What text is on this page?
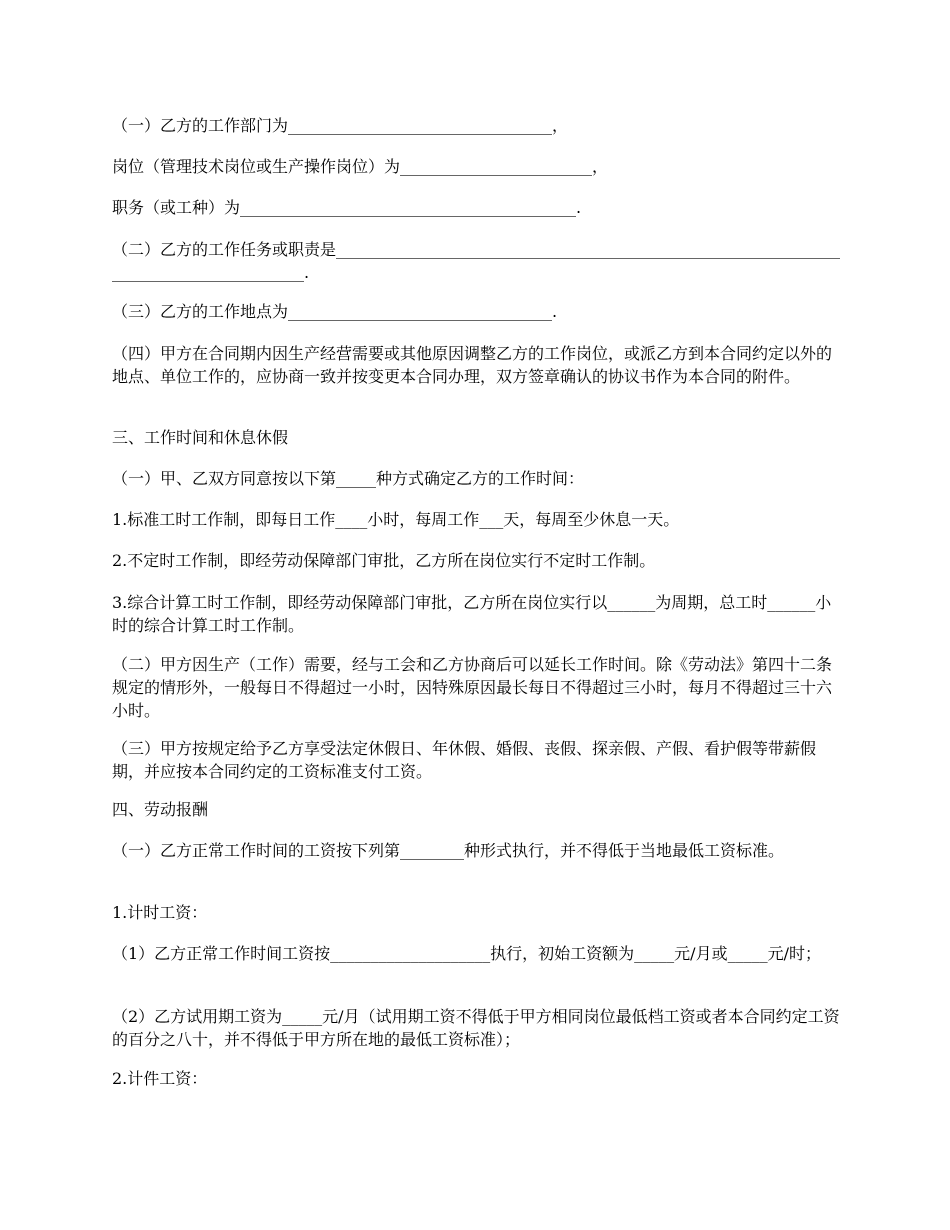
（一）乙方的工作部门为_________________________________，

岗位（管理技术岗位或生产操作岗位）为________________________，

职务（或工种）为__________________________________________.

（二）乙方的工作任务或职责是_______________________________________________________________________________________.

（三）乙方的工作地点为_________________________________.

（四）甲方在合同期内因生产经营需要或其他原因调整乙方的工作岗位，或派乙方到本合同约定以外的地点、单位工作的，应协商一致并按变更本合同办理，双方签章确认的协议书作为本合同的附件。

三、工作时间和休息休假

（一）甲、乙双方同意按以下第_____种方式确定乙方的工作时间：

1.标准工时工作制，即每日工作____小时，每周工作___天，每周至少休息一天。

2.不定时工作制，即经劳动保障部门审批，乙方所在岗位实行不定时工作制。

3.综合计算工时工作制，即经劳动保障部门审批，乙方所在岗位实行以______为周期，总工时______小时的综合计算工时工作制。

（二）甲方因生产（工作）需要，经与工会和乙方协商后可以延长工作时间。除《劳动法》第四十二条规定的情形外，一般每日不得超过一小时，因特殊原因最长每日不得超过三小时，每月不得超过三十六小时。

（三）甲方按规定给予乙方享受法定休假日、年休假、婚假、丧假、探亲假、产假、看护假等带薪假期，并应按本合同约定的工资标准支付工资。

四、劳动报酬

（一）乙方正常工作时间的工资按下列第________种形式执行，并不得低于当地最低工资标准。

1.计时工资：

（1）乙方正常工作时间工资按____________________执行，初始工资额为_____元/月或_____元/时；

（2）乙方试用期工资为_____元/月（试用期工资不得低于甲方相同岗位最低档工资或者本合同约定工资的百分之八十，并不得低于甲方所在地的最低工资标准）；

2.计件工资：
